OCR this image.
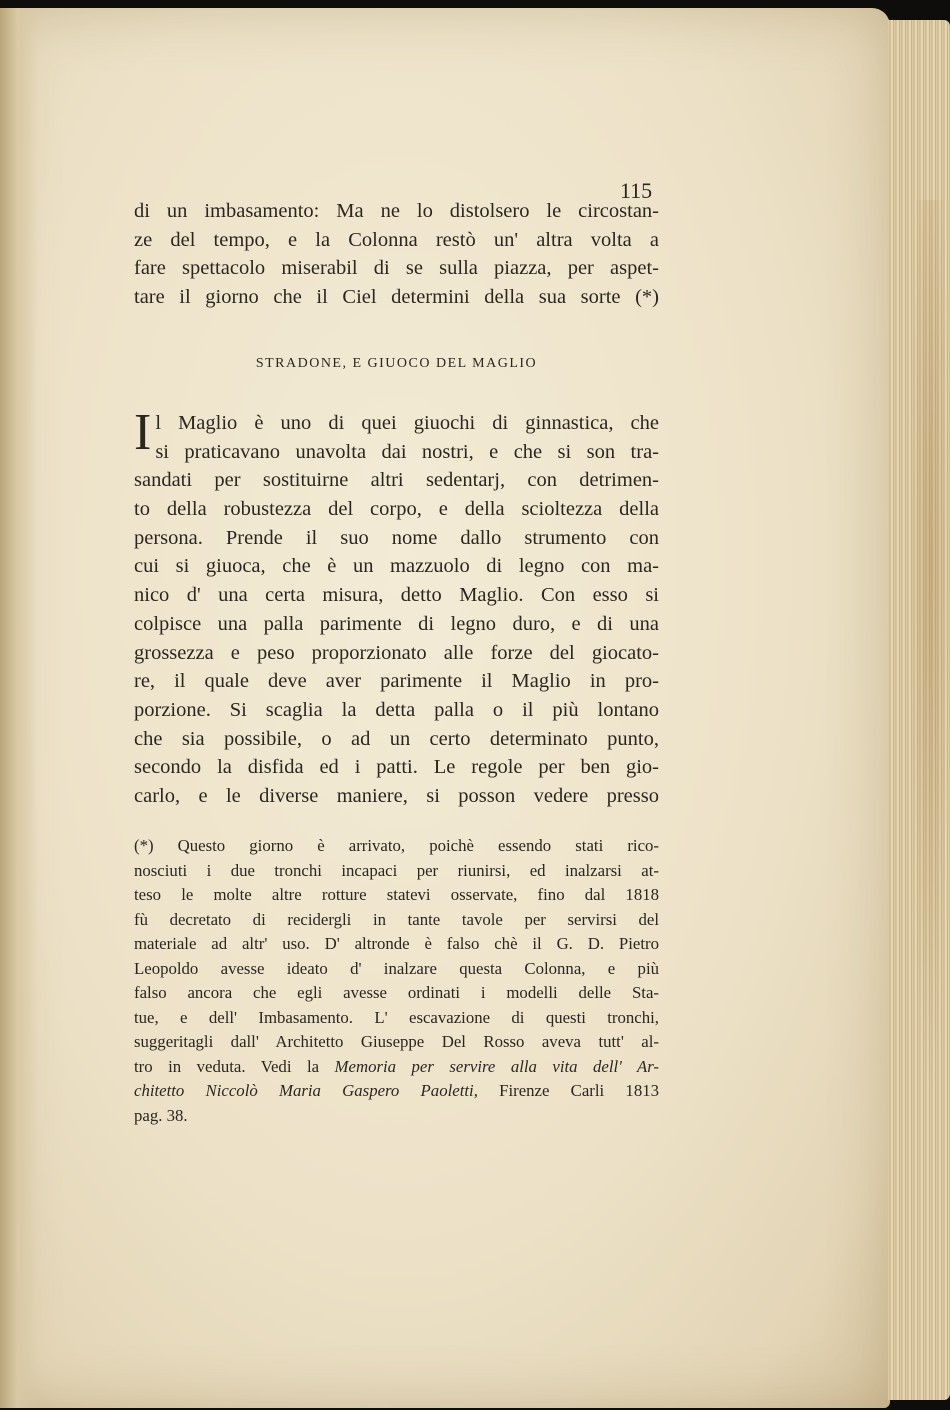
115
di un imbasamento: Ma ne lo distolsero le circostan-
ze del tempo, e la Colonna restò un' altra volta a
fare spettacolo miserabil di se sulla piazza, per aspet-
tare il giorno che il Ciel determini della sua sorte (*)
STRADONE, E GIUOCO DEL MAGLIO
I l Maglio è uno di quei giuochi di ginnastica, che
si praticavano unavolta dai nostri, e che si son tra-
sandati per sostituirne altri sedentarj, con detrimen-
to della robustezza del corpo, e della scioltezza della
persona. Prende il suo nome dallo strumento con
cui si giuoca, che è un mazzuolo di legno con ma-
nico d' una certa misura, detto Maglio. Con esso si
colpisce una palla parimente di legno duro, e di una
grossezza e peso proporzionato alle forze del giocato-
re, il quale deve aver parimente il Maglio in pro-
porzione. Si scaglia la detta palla o il più lontano
che sia possibile, o ad un certo determinato punto,
secondo la disfida ed i patti. Le regole per ben gio-
carlo, e le diverse maniere, si posson vedere presso
(*) Questo giorno è arrivato, poichè essendo stati rico-
nosciuti i due tronchi incapaci per riunirsi, ed inalzarsi at-
teso le molte altre rotture statevi osservate, fino dal 1818
fù decretato di recidergli in tante tavole per servirsi del
materiale ad altr' uso. D' altronde è falso chè il G. D. Pietro
Leopoldo avesse ideato d' inalzare questa Colonna, e più
falso ancora che egli avesse ordinati i modelli delle Sta-
tue, e dell' Imbasamento. L' escavazione di questi tronchi,
suggeritagli dall' Architetto Giuseppe Del Rosso aveva tutt' al-
tro in veduta. Vedi la Memoria per servire alla vita dell' Ar-
chitetto Niccolò Maria Gaspero Paoletti, Firenze Carli 1813
pag. 38.
